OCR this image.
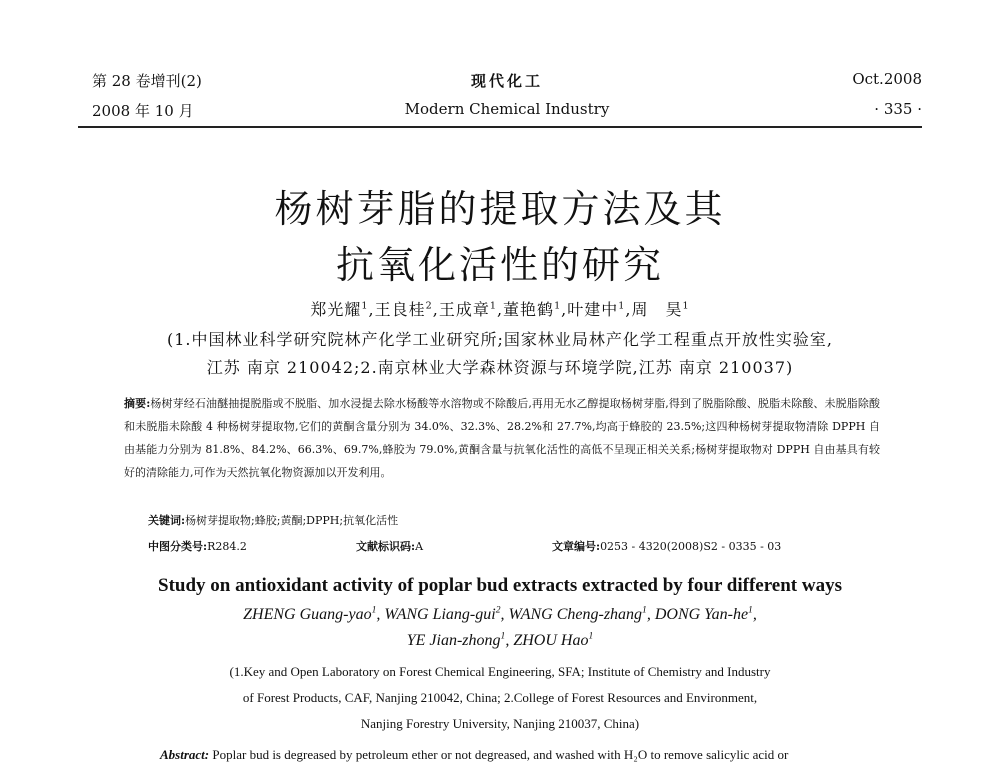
第 28 卷增刊(2)	现代化工	Oct.2008
2008 年 10 月	Modern Chemical Industry	· 335 ·
杨树芽脂的提取方法及其
抗氧化活性的研究
郑光耀$^1$,王良桂$^2$,王成章$^1$,董艳鹤$^1$,叶建中$^1$,周　昊$^1$
(1.中国林业科学研究院林产化学工业研究所;国家林业局林产化学工程重点开放性实验室,
江苏 南京 210042;2.南京林业大学森林资源与环境学院,江苏 南京 210037)
摘要:杨树芽经石油醚抽提脱脂或不脱脂、加水浸提去除水杨酸等水溶物或不除酸后,再用无水乙醇提取杨树芽脂,得到了脱脂除酸、脱脂未除酸、未脱脂除酸和未脱脂未除酸 4 种杨树芽提取物,它们的黄酮含量分别为 34.0%、32.3%、28.2%和 27.7%,均高于蜂胶的 23.5%;这四种杨树芽提取物清除 DPPH 自由基能力分别为 81.8%、84.2%、66.3%、69.7%,蜂胶为 79.0%,黄酮含量与抗氧化活性的高低不呈现正相关关系;杨树芽提取物对 DPPH 自由基具有较好的清除能力,可作为天然抗氧化物资源加以开发利用。
关键词:杨树芽提取物;蜂胶;黄酮;DPPH;抗氧化活性
中图分类号:R284.2	文献标识码:A	文章编号:0253 - 4320(2008)S2 - 0335 - 03
Study on antioxidant activity of poplar bud extracts extracted by four different ways
ZHENG Guang-yao$^1$, WANG Liang-gui$^2$, WANG Cheng-zhang$^1$, DONG Yan-$he^1$,
YE Jian-zhong$^1$, ZHOU Hao$^1$
(1.Key and Open Laboratory on Forest Chemical Engineering, SFA; Institute of Chemistry and Industry
of Forest Products, CAF, Nanjing 210042, China; 2.College of Forest Resources and Environment,
Nanjing Forestry University, Nanjing 210037, China)
Abstract: Poplar bud is degreased by petroleum ether or not degreased, and washed with H₂O to remove salicylic acid or
